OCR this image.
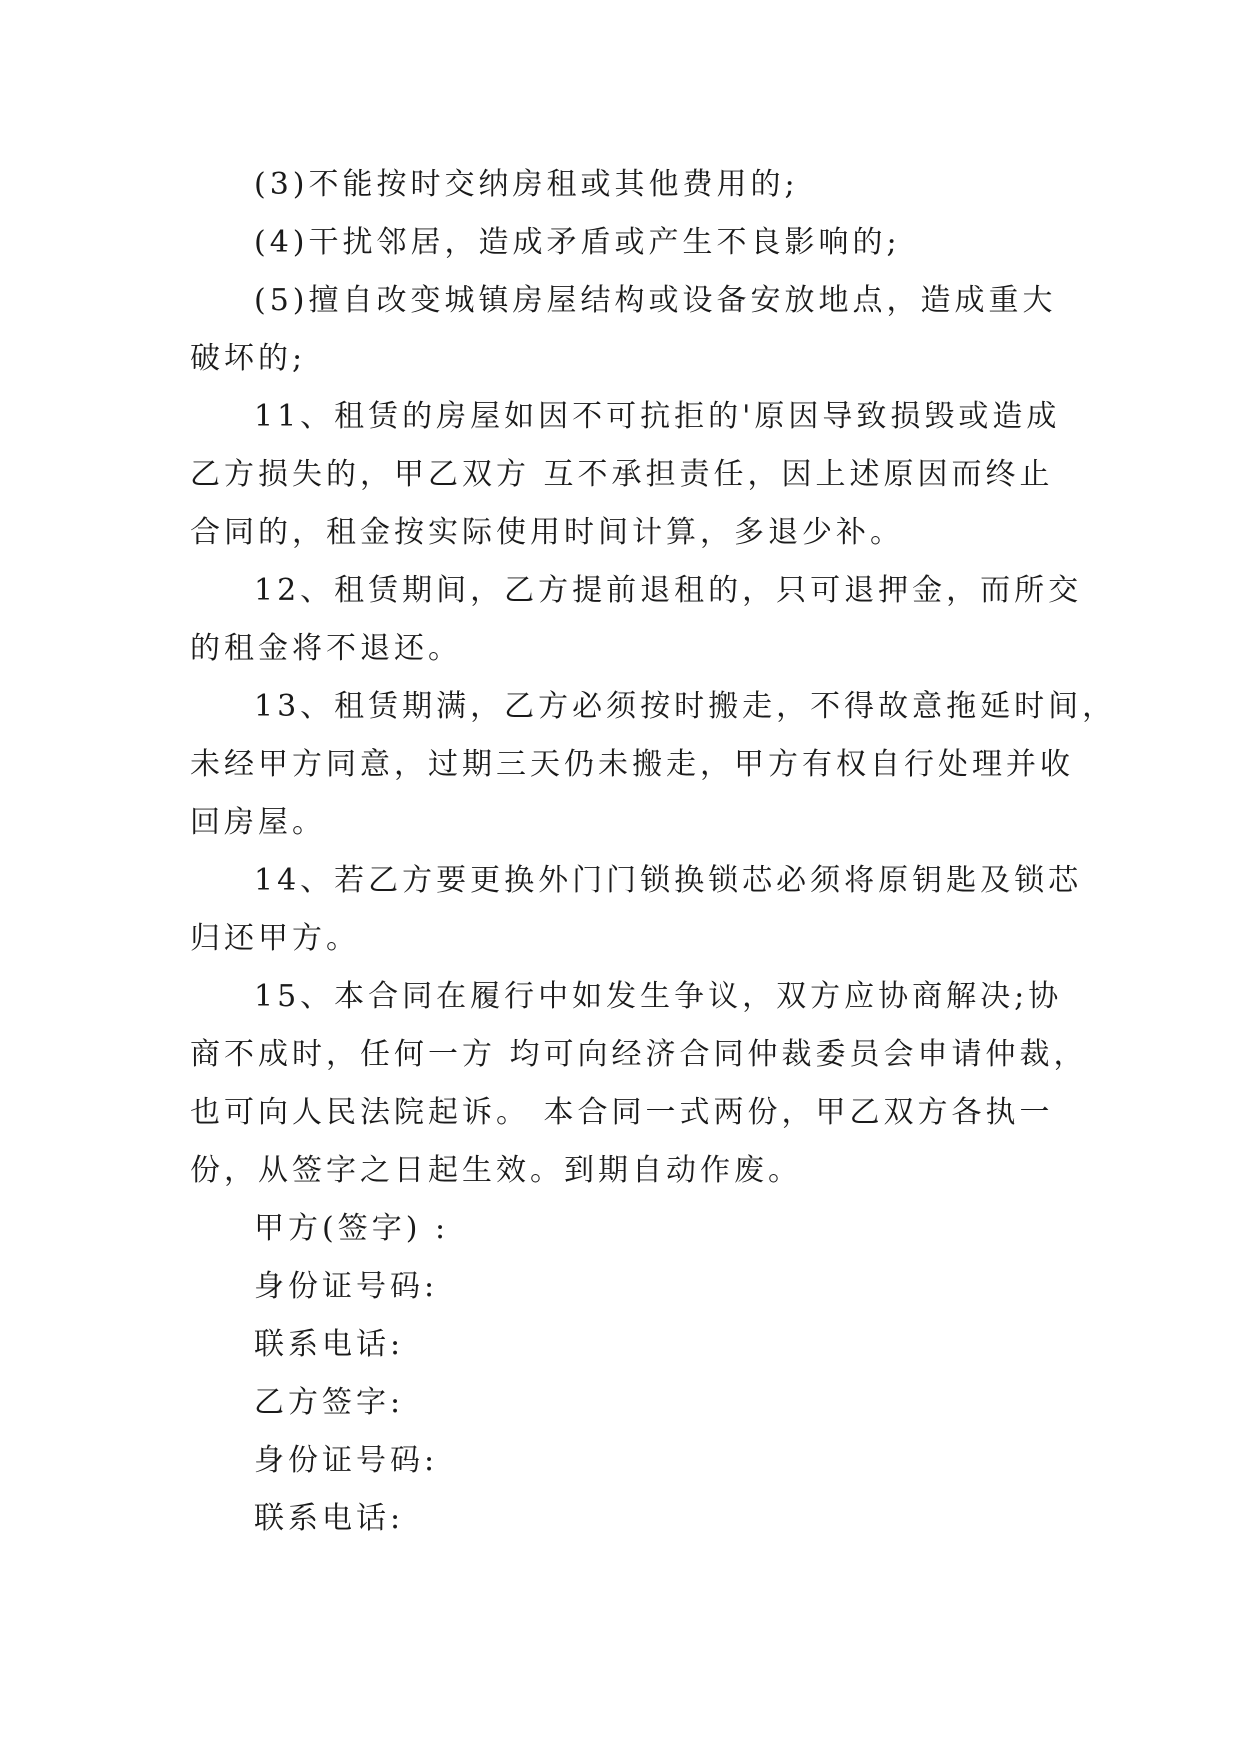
(3)不能按时交纳房租或其他费用的;

(4)干扰邻居，造成矛盾或产生不良影响的;

(5)擅自改变城镇房屋结构或设备安放地点，造成重大
破坏的;

11、租赁的房屋如因不可抗拒的'原因导致损毁或造成
乙方损失的，甲乙双方 互不承担责任，因上述原因而终止
合同的，租金按实际使用时间计算，多退少补。

12、租赁期间，乙方提前退租的，只可退押金，而所交
的租金将不退还。

13、租赁期满，乙方必须按时搬走，不得故意拖延时间，
未经甲方同意，过期三天仍未搬走，甲方有权自行处理并收
回房屋。

14、若乙方要更换外门门锁换锁芯必须将原钥匙及锁芯
归还甲方。

15、本合同在履行中如发生争议，双方应协商解决;协
商不成时，任何一方 均可向经济合同仲裁委员会申请仲裁，
也可向人民法院起诉。 本合同一式两份，甲乙双方各执一
份，从签字之日起生效。到期自动作废。

甲方(签字) :

身份证号码:

联系电话:

乙方签字:

身份证号码:

联系电话:
